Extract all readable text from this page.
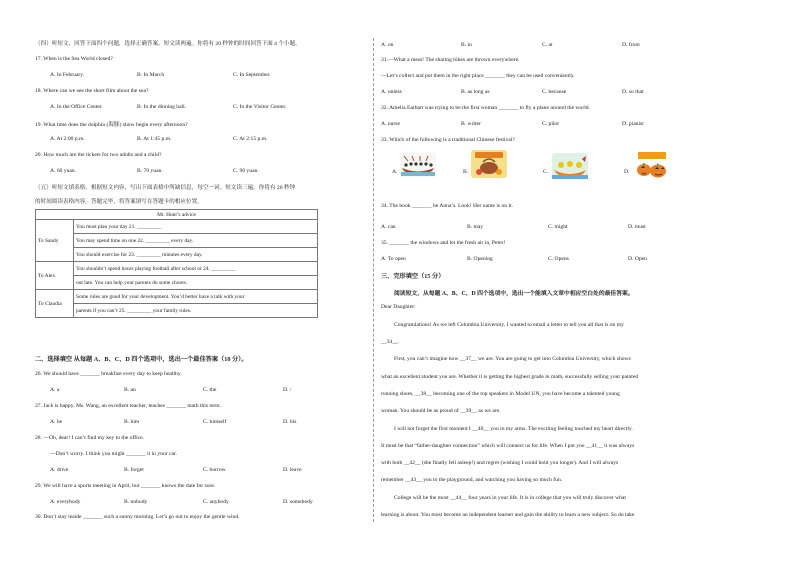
（四）听短文，回答下面四个问题，选择正确答案。短文读两遍。你将有 20 秒钟的时间回答下面 4 个小题。
17. When is the Sea World closed?
A. In February.	B. In March	C. In September.
18. Where can we see the short film about the sea?
A. In the Office Center.	B. In the dinning hall.	C. In the Visitor Center.
19. What time does the dolphin (海豚) show begin every afternoon?
A. At 2:00 p.m.	B. At 1:45 p.m.	C. At 2:15 p.m.
20. How much are the tickets for two adults and a child?
A. 60 yuan.	B. 70 yuan.	C. 90 yuan.
（五）听短文填表格。根据短文内容，写出下面表格中所缺信息，每空一词。短文读三遍。你将有 20 秒钟
的时间阅读表格内容。答题完毕，将答案填写在答题卡的相应位置。
Mr. Hunt’s advice	
To Sandy	You must plan your day 21. _________
	You may spend time on one 22. _________ every day.
	You should exercise for 23. _________ minutes every day.
To Alex	You shouldn’t spend hours playing football after school or 24. _________
	out late. You can help your parents do some chores.
To Claudia	Some rules are good for your development. You’d better have a talk with your
	parents if you can’t 25. _________ your family rules.
二、选择填空 从每题 A、B、C、D 四个选项中，选出一个最佳答案（10 分）。
26. We should have _______ breakfast every day to keep healthy.
A. a	B. an	C. the	D. /
27. Jack is happy. Ms. Wang, an excellent teacher, teaches _______ math this term.
A. he	B. him	C. himself	D. his
28. —Oh, dear! I can’t find my key to the office.
—Don’t worry. I think you might _______ it in your car.
A. drive	B. forget	C. borrow	D. leave
29. We will have a sports meeting in April, but _______ knows the date for sure.
A. everybody	B. nobody	C. anybody	D. somebody
30. Don’t stay inside _______ such a sunny morning. Let’s go out to enjoy the gentle wind.
A. on	B. in	C. at	D. from
31.—What a mess! The sharing bikes are thrown everywhere.
—Let’s collect and put them in the right place _______ they can be used conveniently.
A. unless	B. as long as	C. because	D. so that
32. Amelia Earhart was trying to be the first woman _______ to fly a plane around the world.
A. nurse	B. writer	C. pilot	D. pianist
33. Which of the following is a traditional Chinese festival?
A.	B.	C.	D.
34. The book _______ be Anna’s. Look! Her name is on it.
A. can	B. may	C. might	D. must
35. _______ the windows and let the fresh air in, Peter!
A. To open	B. Opening	C. Opens	D. Open
三、完形填空（15 分）
阅读短文，从每题 A、B、C、D 四个选项中，选出一个能填入文章中相应空白处的最佳答案。
Dear Daughter:
Congratulations! As we left Columbia University, I wanted to email a letter to tell you all that is on my
__34__.
First, you can’t imagine how __37__ we are. You are going to get into Columbia University, which shows
what an excellent student you are. Whether it is getting the highest grade in math, successfully selling your painted
running shoes, __38__ becoming one of the top speakers in Model UN, you have become a talented young
woman. You should be as proud of __39__ as we are.
I will not forget the first moment I __40__ you in my arms. The exciting feeling touched my heart directly.
It must be that “father-daughter connection” which will connect us for life. When I put you __41__ it was always
with both __42__ (she finally fell asleep!) and regret (wishing I could hold you longer). And I will always
remember __43__ you to the playground, and watching you having so much fun.
College will be the most __44__ four years in your life. It is in college that you will truly discover what
learning is about. You must become an independent learner and gain the ability to learn a new subject. So do take
